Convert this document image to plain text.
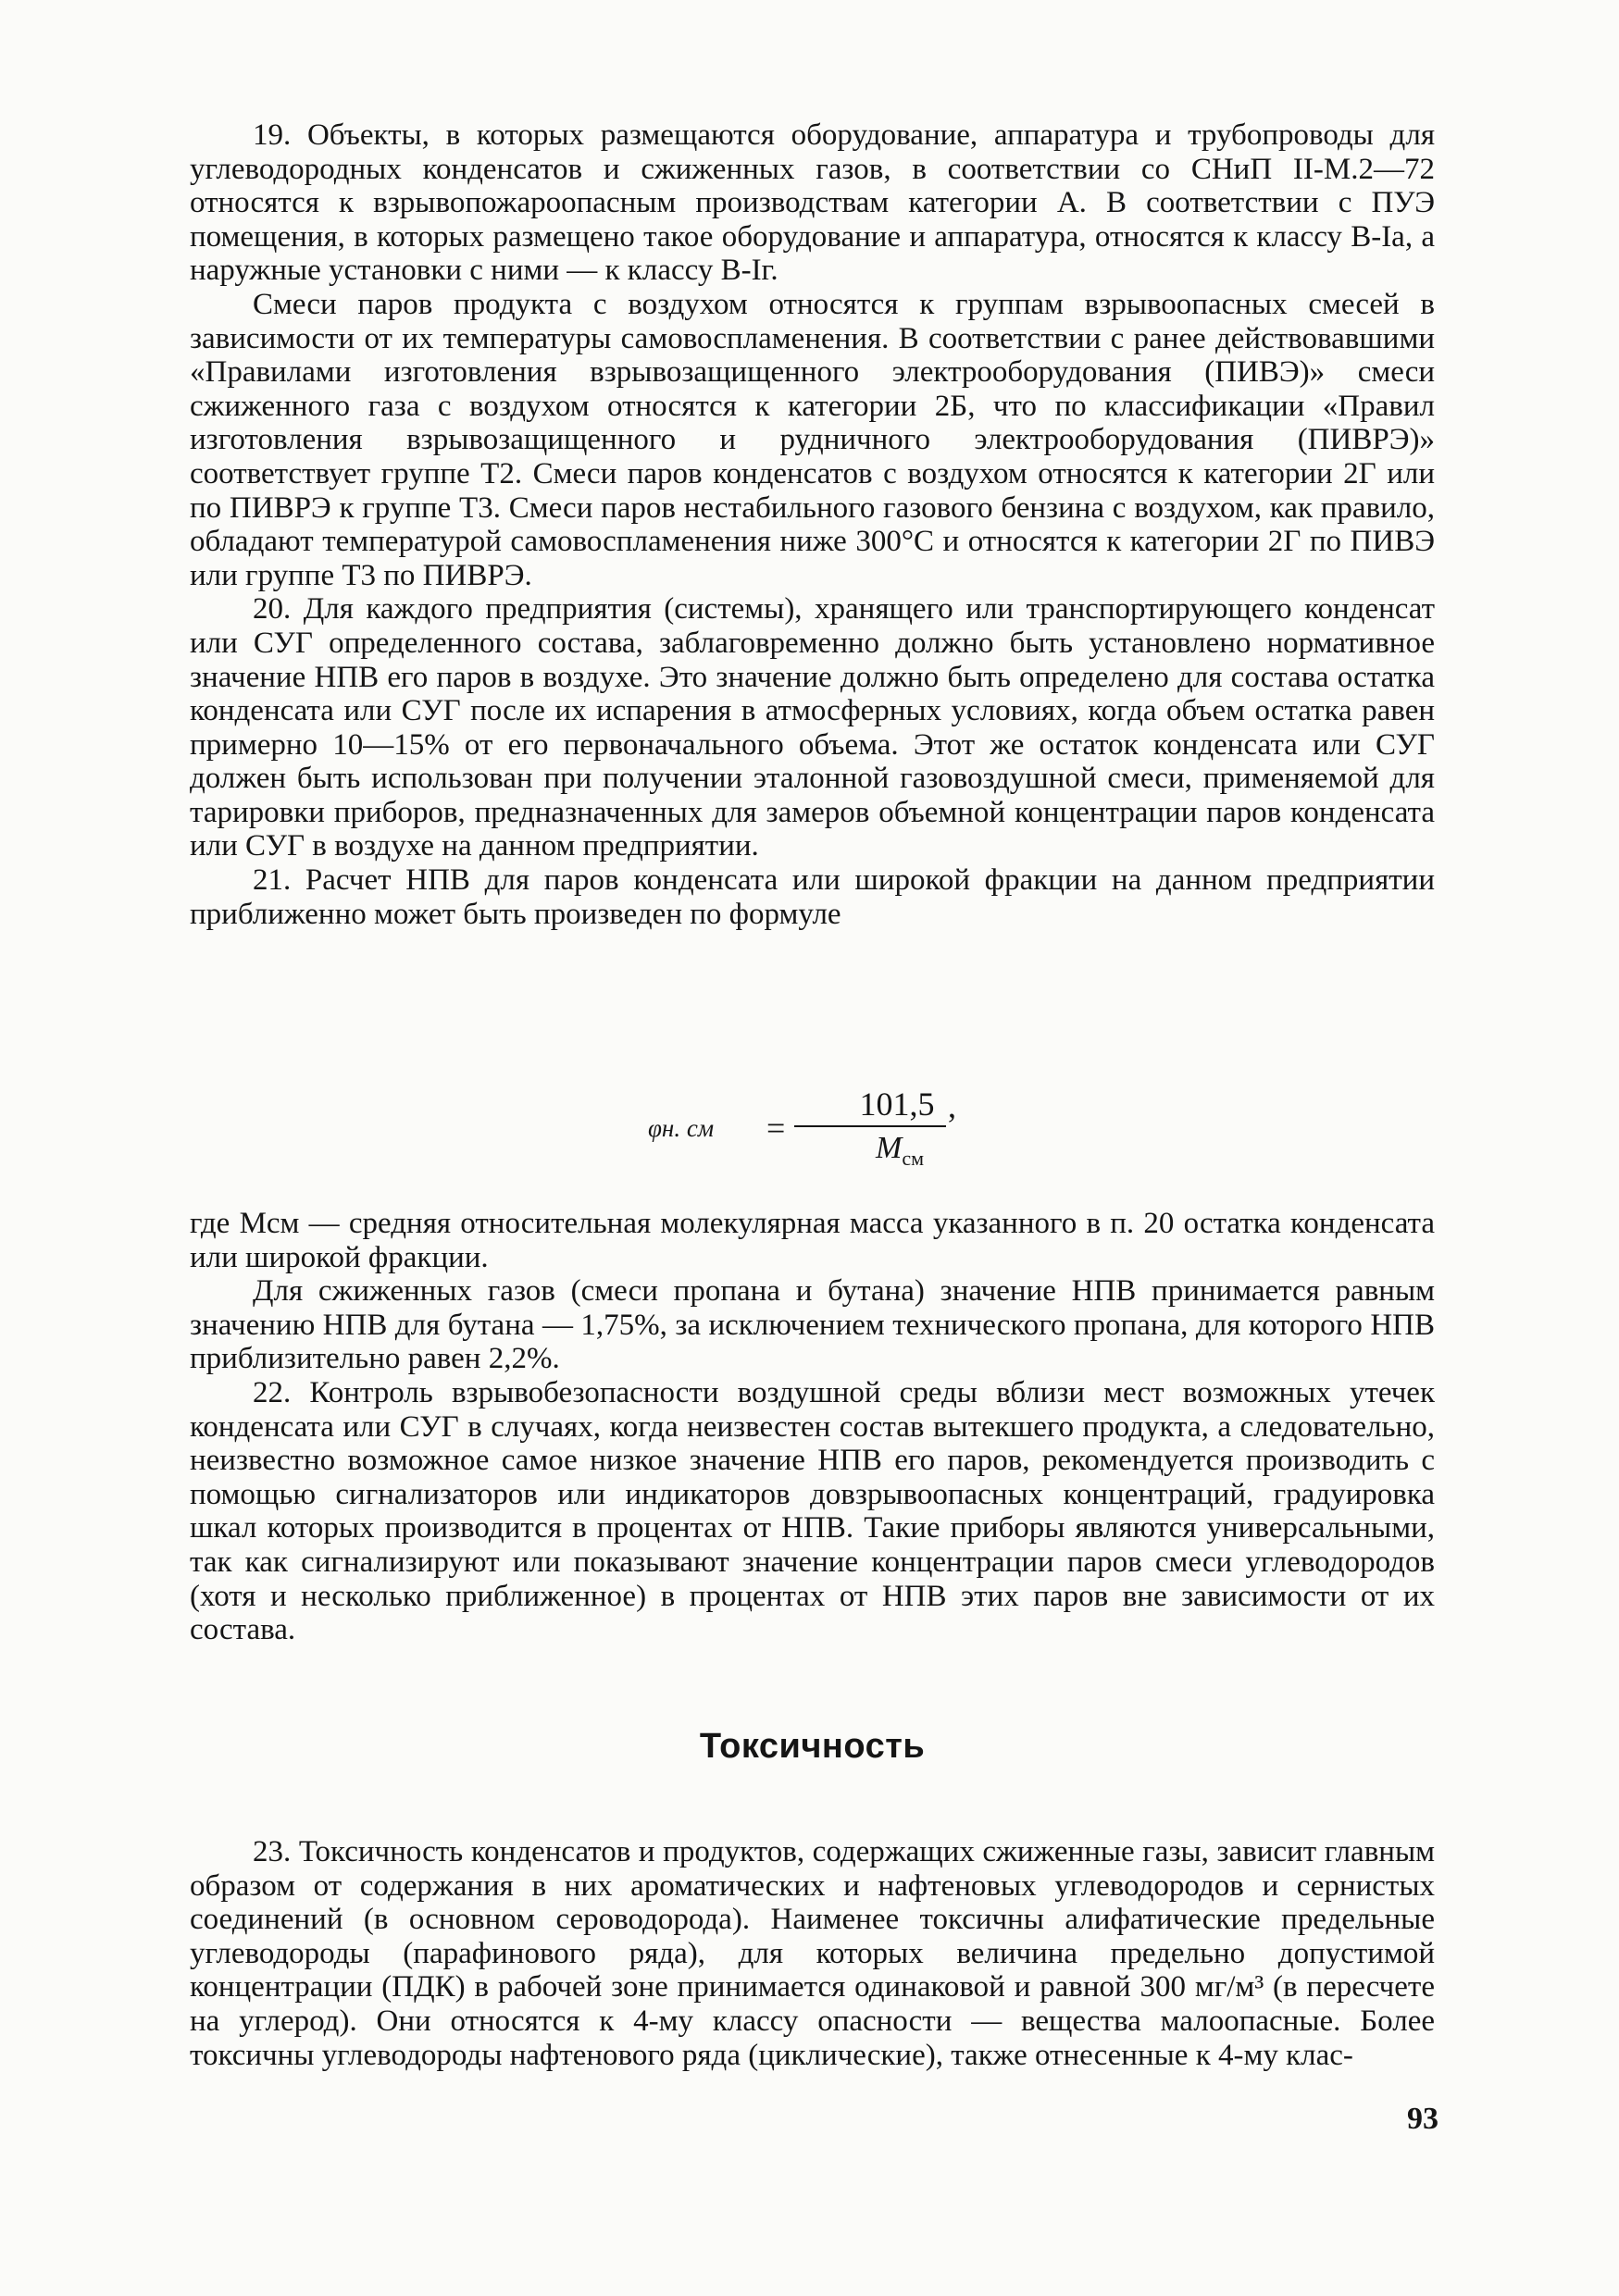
19. Объекты, в которых размещаются оборудование, аппаратура и трубопроводы для углеводородных конденсатов и сжиженных газов, в соответствии со СНиП II-М.2—72 относятся к взрывопожароопасным производствам категории А. В соответствии с ПУЭ помещения, в которых размещено такое оборудование и аппаратура, относятся к классу В-Iа, а наружные установки с ними — к классу В-Iг.

Смеси паров продукта с воздухом относятся к группам взрывоопасных смесей в зависимости от их температуры самовоспламенения. В соответствии с ранее действовавшими «Правилами изготовления взрывозащищенного электрооборудования (ПИВЭ)» смеси сжиженного газа с воздухом относятся к категории 2Б, что по классификации «Правил изготовления взрывозащищенного и рудничного электрооборудования (ПИВРЭ)» соответствует группе Т2. Смеси паров конденсатов с воздухом относятся к категории 2Г или по ПИВРЭ к группе Т3. Смеси паров нестабильного газового бензина с воздухом, как правило, обладают температурой самовоспламенения ниже 300°С и относятся к категории 2Г по ПИВЭ или группе Т3 по ПИВРЭ.

20. Для каждого предприятия (системы), хранящего или транспортирующего конденсат или СУГ определенного состава, заблаговременно должно быть установлено нормативное значение НПВ его паров в воздухе. Это значение должно быть определено для состава остатка конденсата или СУГ после их испарения в атмосферных условиях, когда объем остатка равен примерно 10—15% от его первоначального объема. Этот же остаток конденсата или СУГ должен быть использован при получении эталонной газовоздушной смеси, применяемой для тарировки приборов, предназначенных для замеров объемной концентрации паров конденсата или СУГ в воздухе на данном предприятии.

21. Расчет НПВ для паров конденсата или широкой фракции на данном предприятии приближенно может быть произведен по формуле

φн. см =
101,5 ,
$M_{см}$

где Mсм — средняя относительная молекулярная масса указанного в п. 20 остатка конденсата или широкой фракции.

Для сжиженных газов (смеси пропана и бутана) значение НПВ принимается равным значению НПВ для бутана — 1,75%, за исключением технического пропана, для которого НПВ приблизительно равен 2,2%.

22. Контроль взрывобезопасности воздушной среды вблизи мест возможных утечек конденсата или СУГ в случаях, когда неизвестен состав вытекшего продукта, а следовательно, неизвестно возможное самое низкое значение НПВ его паров, рекомендуется производить с помощью сигнализаторов или индикаторов довзрывоопасных концентраций, градуировка шкал которых производится в процентах от НПВ. Такие приборы являются универсальными, так как сигнализируют или показывают значение концентрации паров смеси углеводородов (хотя и несколько приближенное) в процентах от НПВ этих паров вне зависимости от их состава.

Токсичность

23. Токсичность конденсатов и продуктов, содержащих сжиженные газы, зависит главным образом от содержания в них ароматических и нафтеновых углеводородов и сернистых соединений (в основном сероводорода). Наименее токсичны алифатические предельные углеводороды (парафинового ряда), для которых величина предельно допустимой концентрации (ПДК) в рабочей зоне принимается одинаковой и равной 300 мг/м³ (в пересчете на углерод). Они относятся к 4-му классу опасности — вещества малоопасные. Более токсичны углеводороды нафтенового ряда (циклические), также отнесенные к 4-му клас-

93
